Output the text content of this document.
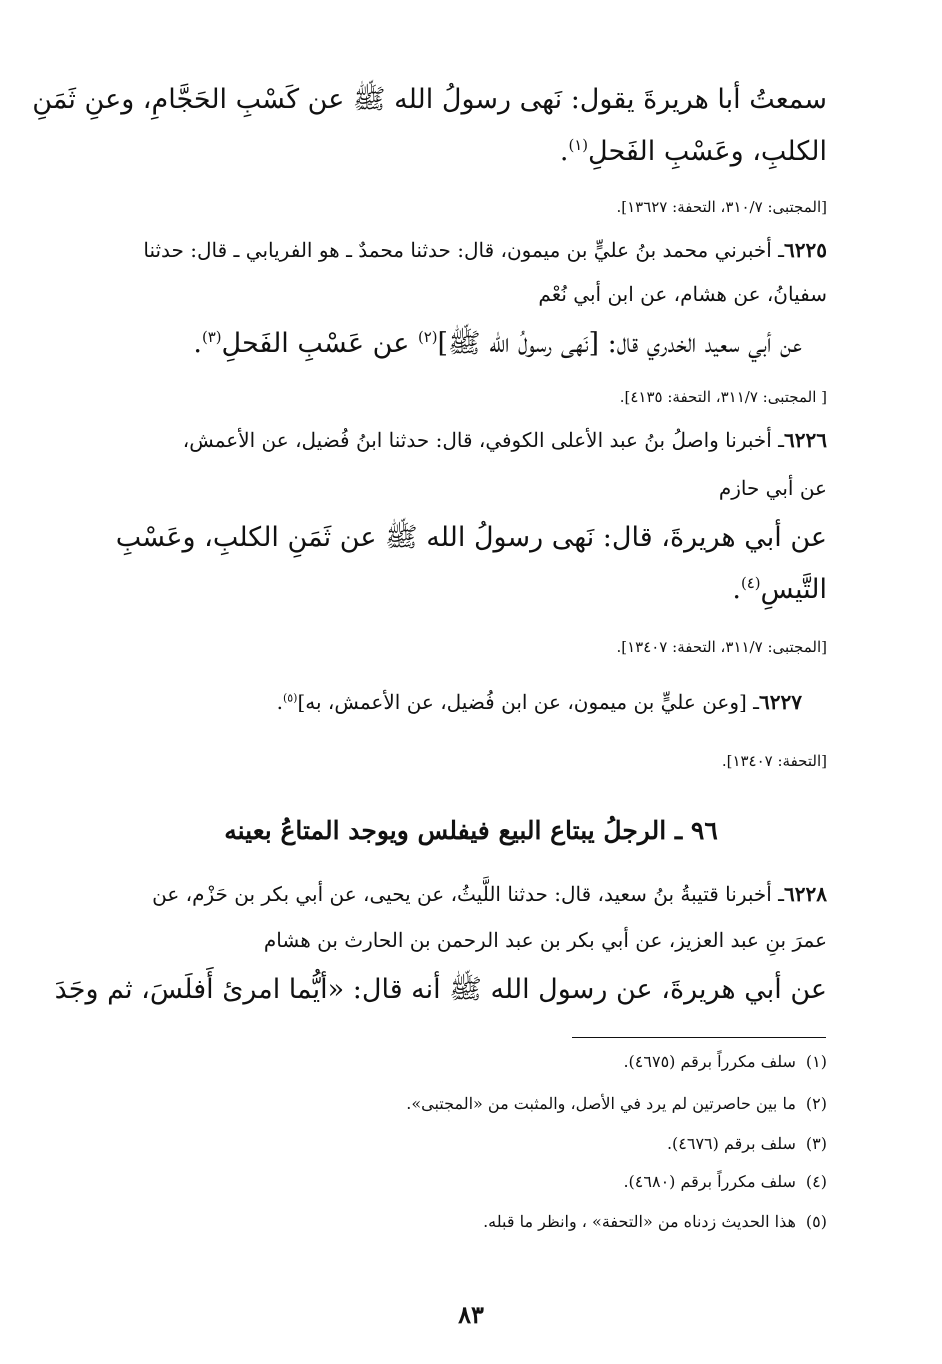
سمعتُ أبا هريرةَ يقول: نَهى رسولُ الله ﷺ عن كَسْبِ الحَجَّامِ، وعنِ ثَمَنِ
الكلبِ، وعَسْبِ الفَحلِ$^{(١)}$.
[المجتبى: ٣١٠/٧، التحفة: ١٣٦٢٧].
٦٢٢٥ـ أخبرني محمد بنُ عليٍّ بن ميمون، قال: حدثنا محمدٌ ـ هو الفريابي ـ قال: حدثنا
سفيانُ، عن هشام، عن ابن أبي نُعْم
عن أبي سعيد الخدري قال: [نَهى رسولُ الله ﷺ]$^{(٢)}$ عن عَسْبِ الفَحلِ$^{(٣)}$.
[ المجتبى: ٣١١/٧، التحفة: ٤١٣٥].
٦٢٢٦ـ أخبرنا واصلُ بنُ عبد الأعلى الكوفي، قال: حدثنا ابنُ فُضيل، عن الأعمش،
عن أبي حازم
عن أبي هريرةَ، قال: نَهى رسولُ الله ﷺ عن ثَمَنِ الكلبِ، وعَسْبِ
التَّيسِ$^{(٤)}$.
[المجتبى: ٣١١/٧، التحفة: ١٣٤٠٧].
٦٢٢٧ـ [وعن عليٍّ بن ميمون، عن ابن فُضيل، عن الأعمش، به]$^{(٥)}$.
[التحفة: ١٣٤٠٧].
٩٦ ـ الرجلُ يبتاع البيع فيفلس ويوجد المتاعُ بعينه
٦٢٢٨ـ أخبرنا قتيبةُ بنُ سعيد، قال: حدثنا اللَّيثُ، عن يحيى، عن أبي بكر بن حَزْم، عن
عمرَ بنِ عبد العزيز، عن أبي بكر بن عبد الرحمن بن الحارث بن هشام
عن أبي هريرةَ، عن رسول الله ﷺ أنه قال: «أيُّما امرئ أَفلَسَ، ثم وجَدَ
(١)سلف مكرراً برقم (٤٦٧٥).
(٢)ما بين حاصرتين لم يرد في الأصل، والمثبت من «المجتبى».
(٣)سلف برقم (٤٦٧٦).
(٤)سلف مكرراً برقم (٤٦٨٠).
(٥)هذا الحديث زدناه من «التحفة» ، وانظر ما قبله.
٨٣
